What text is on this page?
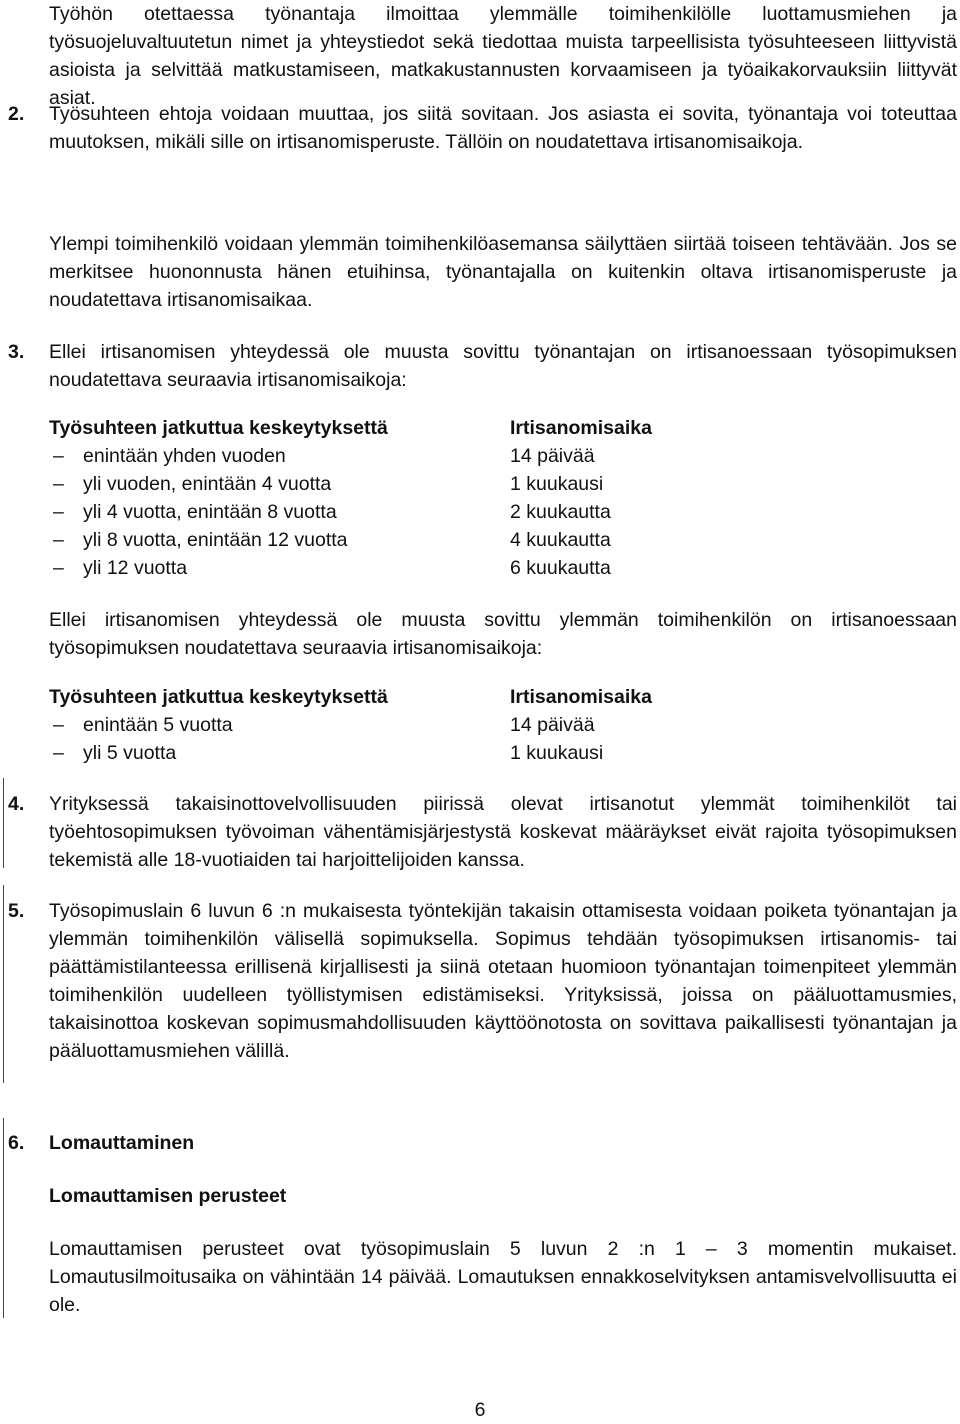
Työhön otettaessa työnantaja ilmoittaa ylemmälle toimihenkilölle luottamusmiehen ja työsuojeluvaltuutetun nimet ja yhteystiedot sekä tiedottaa muista tarpeellisista työsuhteeseen liittyvistä asioista ja selvittää matkustamiseen, matkakustannusten korvaamiseen ja työaikakorvauksiin liittyvät asiat.

2. Työsuhteen ehtoja voidaan muuttaa, jos siitä sovitaan. Jos asiasta ei sovita, työnantaja voi toteuttaa muutoksen, mikäli sille on irtisanomisperuste. Tällöin on noudatettava irtisanomisaikoja.

Ylempi toimihenkilö voidaan ylemmän toimihenkilöasemansa säilyttäen siirtää toiseen tehtävään. Jos se merkitsee huononnusta hänen etuihinsa, työnantajalla on kuitenkin oltava irtisanomisperuste ja noudatettava irtisanomisaikaa.

3. Ellei irtisanomisen yhteydessä ole muusta sovittu työnantajan on irtisanoessaan työsopimuksen noudatettava seuraavia irtisanomisaikoja:

Työsuhteen jatkuttua keskeytyksettä	Irtisanomisaika
– enintään yhden vuoden	14 päivää
– yli vuoden, enintään 4 vuotta	1 kuukausi
– yli 4 vuotta, enintään 8 vuotta	2 kuukautta
– yli 8 vuotta, enintään 12 vuotta	4 kuukautta
– yli 12 vuotta	6 kuukautta

Ellei irtisanomisen yhteydessä ole muusta sovittu ylemmän toimihenkilön on irtisanoessaan työsopimuksen noudatettava seuraavia irtisanomisaikoja:

Työsuhteen jatkuttua keskeytyksettä	Irtisanomisaika
– enintään 5 vuotta	14 päivää
– yli 5 vuotta	1 kuukausi
4. Yrityksessä takaisinottovelvollisuuden piirissä olevat irtisanotut ylemmät toimihenkilöt tai työehtosopimuksen työvoiman vähentämisjärjestystä koskevat määräykset eivät rajoita työsopimuksen tekemistä alle 18-vuotiaiden tai harjoittelijoiden kanssa.

5. Työsopimuslain 6 luvun 6 :n mukaisesta työntekijän takaisin ottamisesta voidaan poiketa työnantajan ja ylemmän toimihenkilön välisellä sopimuksella. Sopimus tehdään työsopimuksen irtisanomis- tai päättämistilanteessa erillisenä kirjallisesti ja siinä otetaan huomioon työnantajan toimenpiteet ylemmän toimihenkilön uudelleen työllistymisen edistämiseksi. Yrityksissä, joissa on pääluottamusmies, takaisinottoa koskevan sopimusmahdollisuuden käyttöönotosta on sovittava paikallisesti työnantajan ja pääluottamusmiehen välillä.

6. Lomauttaminen

Lomauttamisen perusteet

Lomauttamisen perusteet ovat työsopimuslain 5 luvun 2 :n 1 – 3 momentin mukaiset. Lomautusilmoitusaika on vähintään 14 päivää. Lomautuksen ennakkoselvityksen antamisvelvollisuutta ei ole.

6
